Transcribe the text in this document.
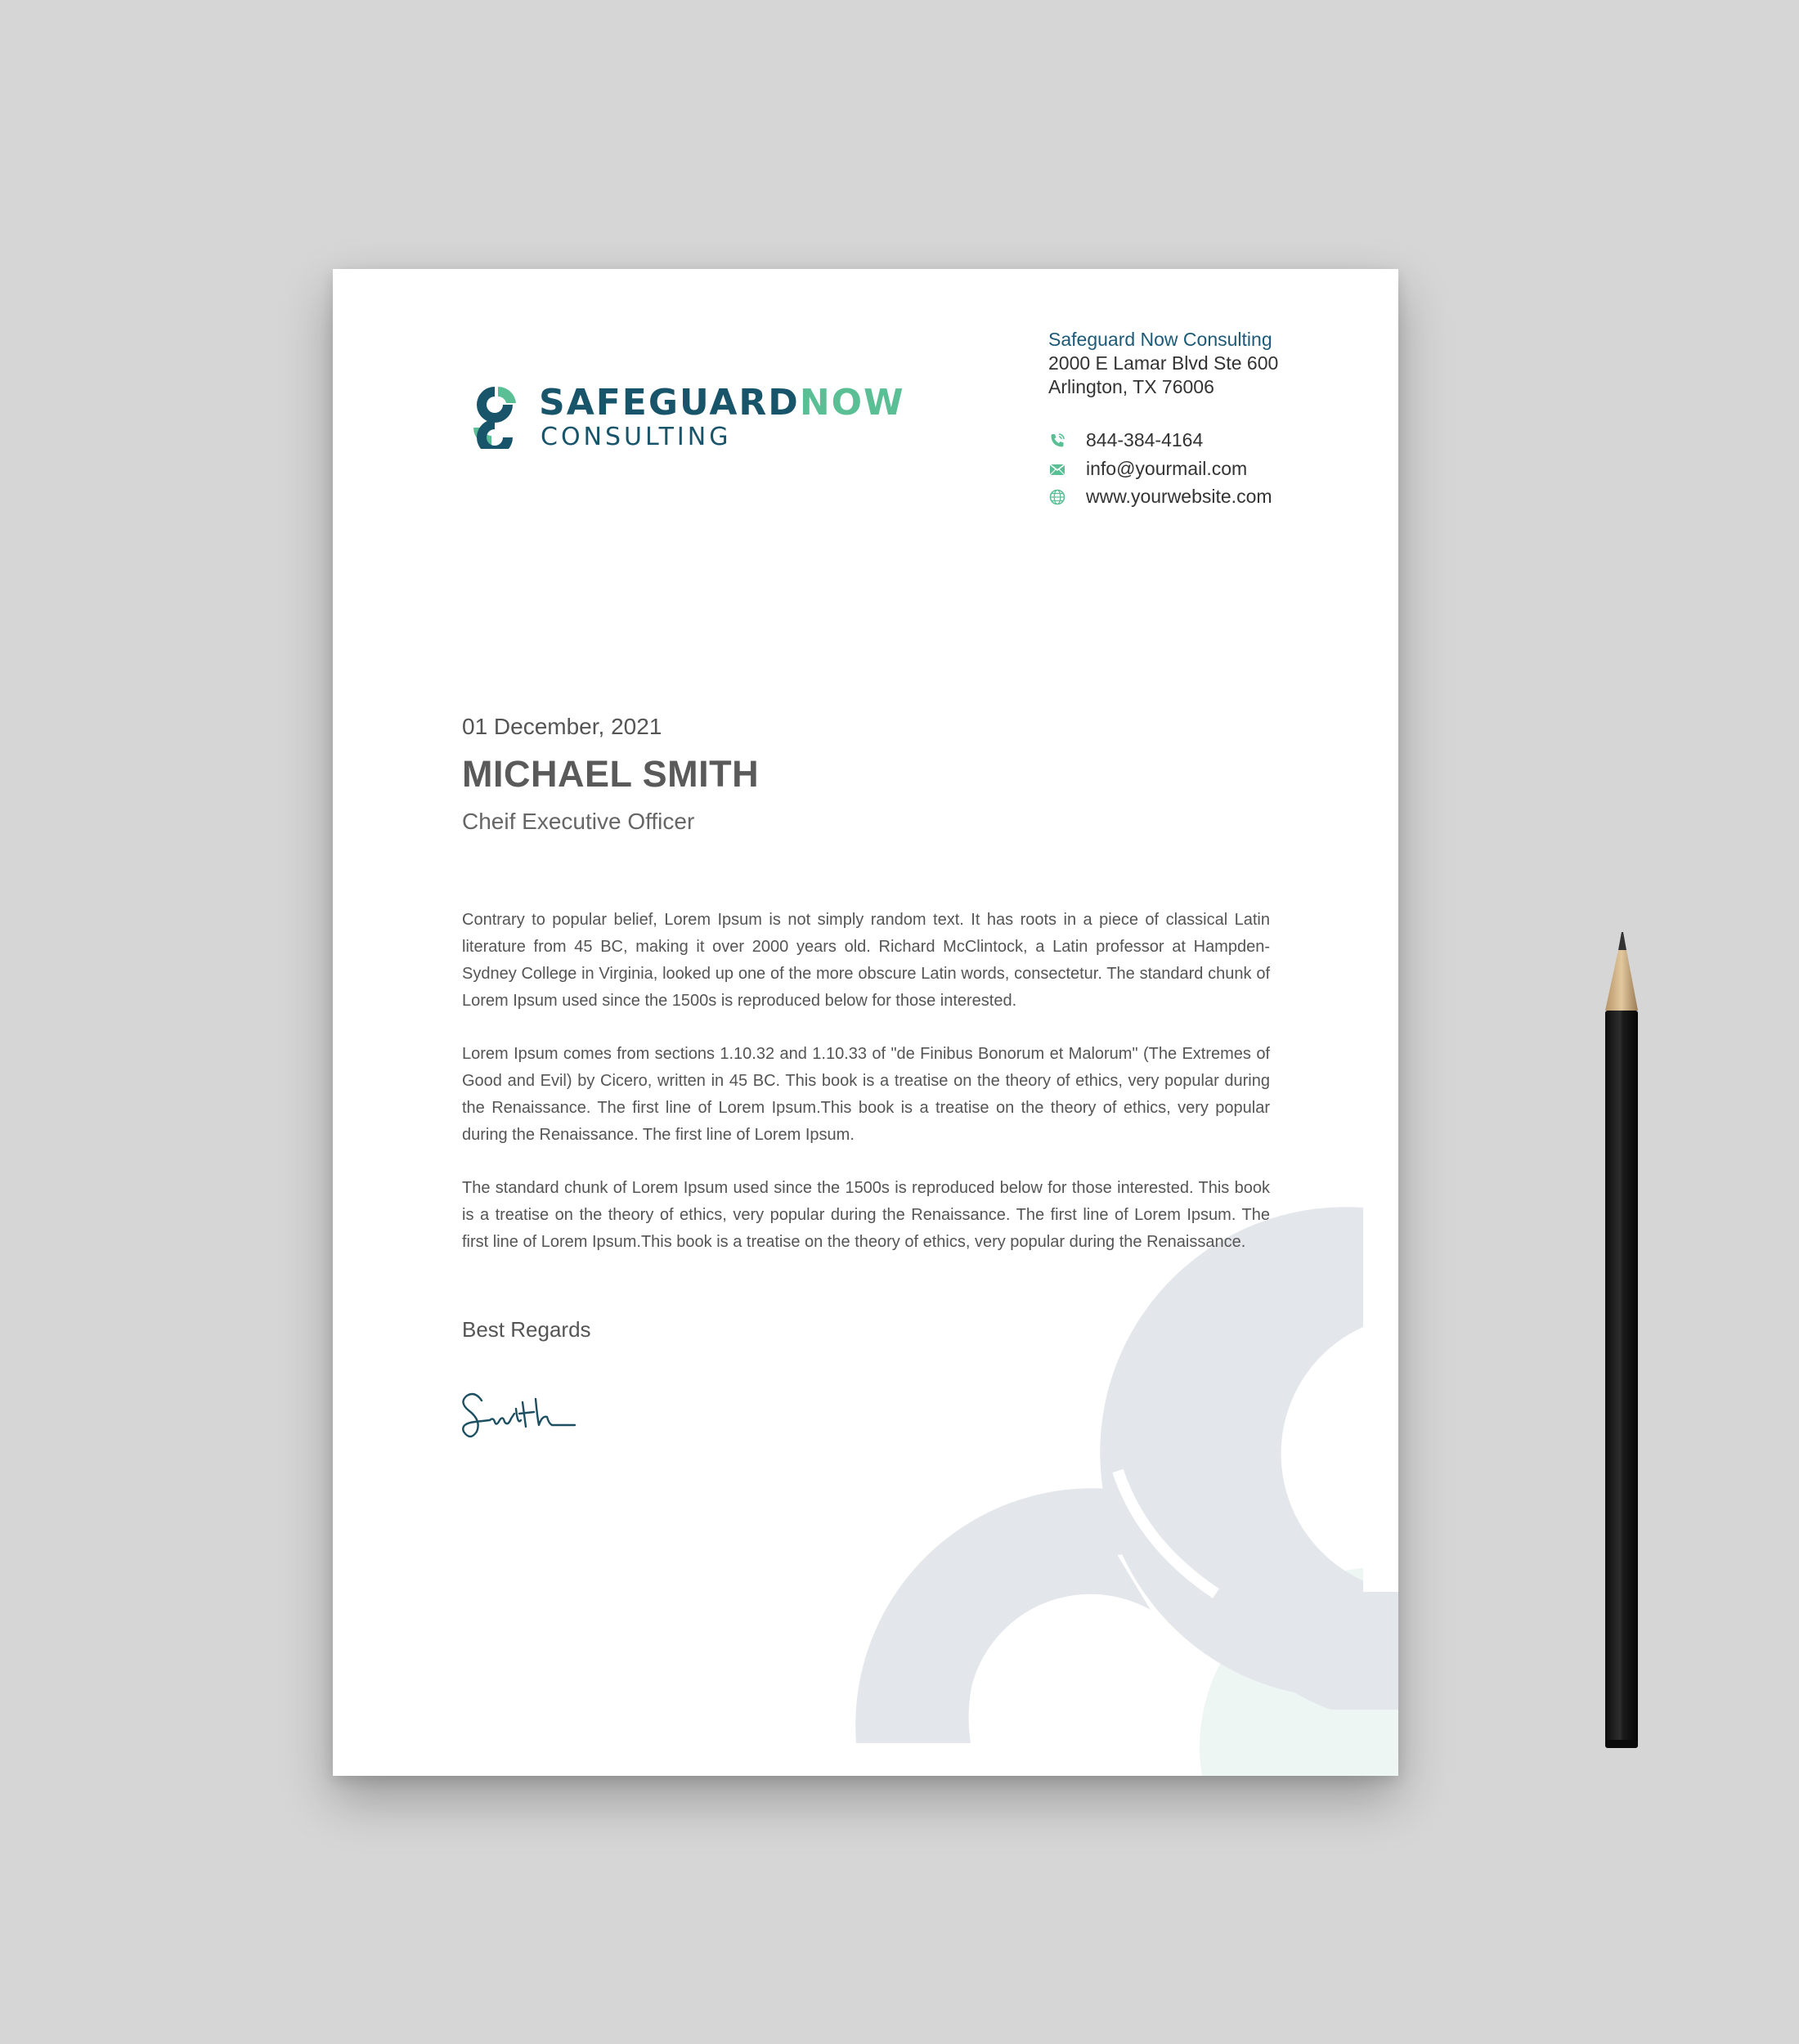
SAFEGUARDNOW
CONSULTING
Safeguard Now Consulting
2000 E Lamar Blvd Ste 600
Arlington, TX 76006
844-384-4164
info@yourmail.com
www.yourwebsite.com
01 December, 2021
MICHAEL SMITH
Cheif Executive Officer

Contrary to popular belief, Lorem Ipsum is not simply random text. It has roots in a piece of classical Latin literature from 45 BC, making it over 2000 years old. Richard McClintock, a Latin professor at Hampden-Sydney College in Virginia, looked up one of the more obscure Latin words, consectetur. The standard chunk of Lorem Ipsum used since the 1500s is reproduced below for those interested.

Lorem Ipsum comes from sections 1.10.32 and 1.10.33 of "de Finibus Bonorum et Malorum" (The Extremes of Good and Evil) by Cicero, written in 45 BC. This book is a treatise on the theory of ethics, very popular during the Renaissance. The first line of Lorem Ipsum.This book is a treatise on the theory of ethics, very popular during the Renaissance. The first line of Lorem Ipsum.

The standard chunk of Lorem Ipsum used since the 1500s is reproduced below for those interested. This book is a treatise on the theory of ethics, very popular during the Renaissance. The first line of Lorem Ipsum. The first line of Lorem Ipsum.This book is a treatise on the theory of ethics, very popular during the Renaissance.

Best Regards
